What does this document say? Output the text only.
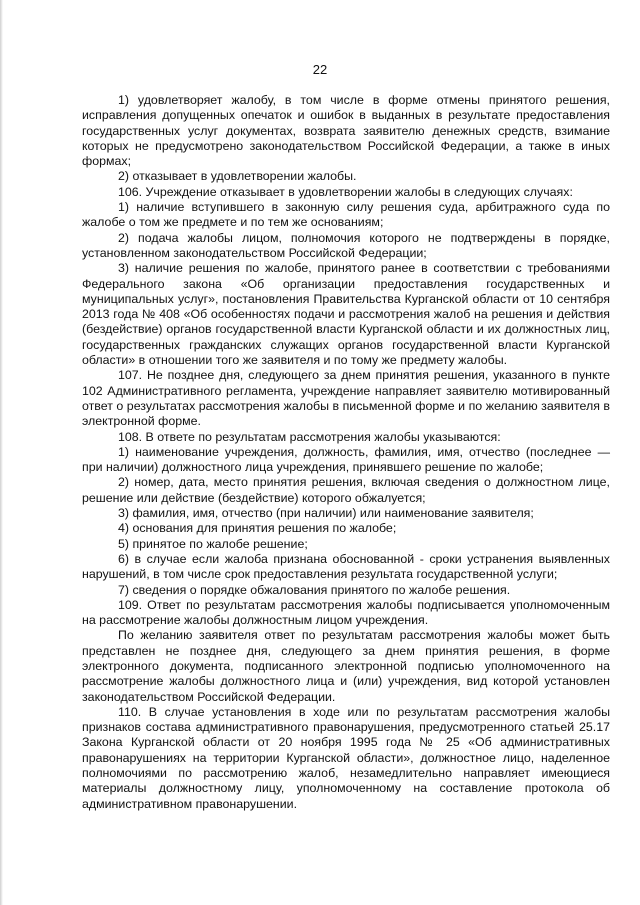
22

1) удовлетворяет жалобу, в том числе в форме отмены принятого решения, исправления допущенных опечаток и ошибок в выданных в результате предоставления государственных услуг документах, возврата заявителю денежных средств, взимание которых не предусмотрено законодательством Российской Федерации, а также в иных формах;

2) отказывает в удовлетворении жалобы.

106. Учреждение отказывает в удовлетворении жалобы в следующих случаях:

1) наличие вступившего в законную силу решения суда, арбитражного суда по жалобе о том же предмете и по тем же основаниям;

2) подача жалобы лицом, полномочия которого не подтверждены в порядке, установленном законодательством Российской Федерации;

3) наличие решения по жалобе, принятого ранее в соответствии с требованиями Федерального закона «Об организации предоставления государственных и муниципальных услуг», постановления Правительства Курганской области от 10 сентября 2013 года № 408 «Об особенностях подачи и рассмотрения жалоб на решения и действия (бездействие) органов государственной власти Курганской области и их должностных лиц, государственных гражданских служащих органов государственной власти Курганской области» в отношении того же заявителя и по тому же предмету жалобы.

107. Не позднее дня, следующего за днем принятия решения, указанного в пункте 102 Административного регламента, учреждение направляет заявителю мотивированный ответ о результатах рассмотрения жалобы в письменной форме и по желанию заявителя в электронной форме.

108. В ответе по результатам рассмотрения жалобы указываются:

1) наименование учреждения, должность, фамилия, имя, отчество (последнее — при наличии) должностного лица учреждения, принявшего решение по жалобе;

2) номер, дата, место принятия решения, включая сведения о должностном лице, решение или действие (бездействие) которого обжалуется;

3) фамилия, имя, отчество (при наличии) или наименование заявителя;

4) основания для принятия решения по жалобе;

5) принятое по жалобе решение;

6) в случае если жалоба признана обоснованной - сроки устранения выявленных нарушений, в том числе срок предоставления результата государственной услуги;

7) сведения о порядке обжалования принятого по жалобе решения.

109. Ответ по результатам рассмотрения жалобы подписывается уполномоченным на рассмотрение жалобы должностным лицом учреждения.

По желанию заявителя ответ по результатам рассмотрения жалобы может быть представлен не позднее дня, следующего за днем принятия решения, в форме электронного документа, подписанного электронной подписью уполномоченного на рассмотрение жалобы должностного лица и (или) учреждения, вид которой установлен законодательством Российской Федерации.

110. В случае установления в ходе или по результатам рассмотрения жалобы признаков состава административного правонарушения, предусмотренного статьей 25.17 Закона Курганской области от 20 ноября 1995 года № 25 «Об административных правонарушениях на территории Курганской области», должностное лицо, наделенное полномочиями по рассмотрению жалоб, незамедлительно направляет имеющиеся материалы должностному лицу, уполномоченному на составление протокола об административном правонарушении.
